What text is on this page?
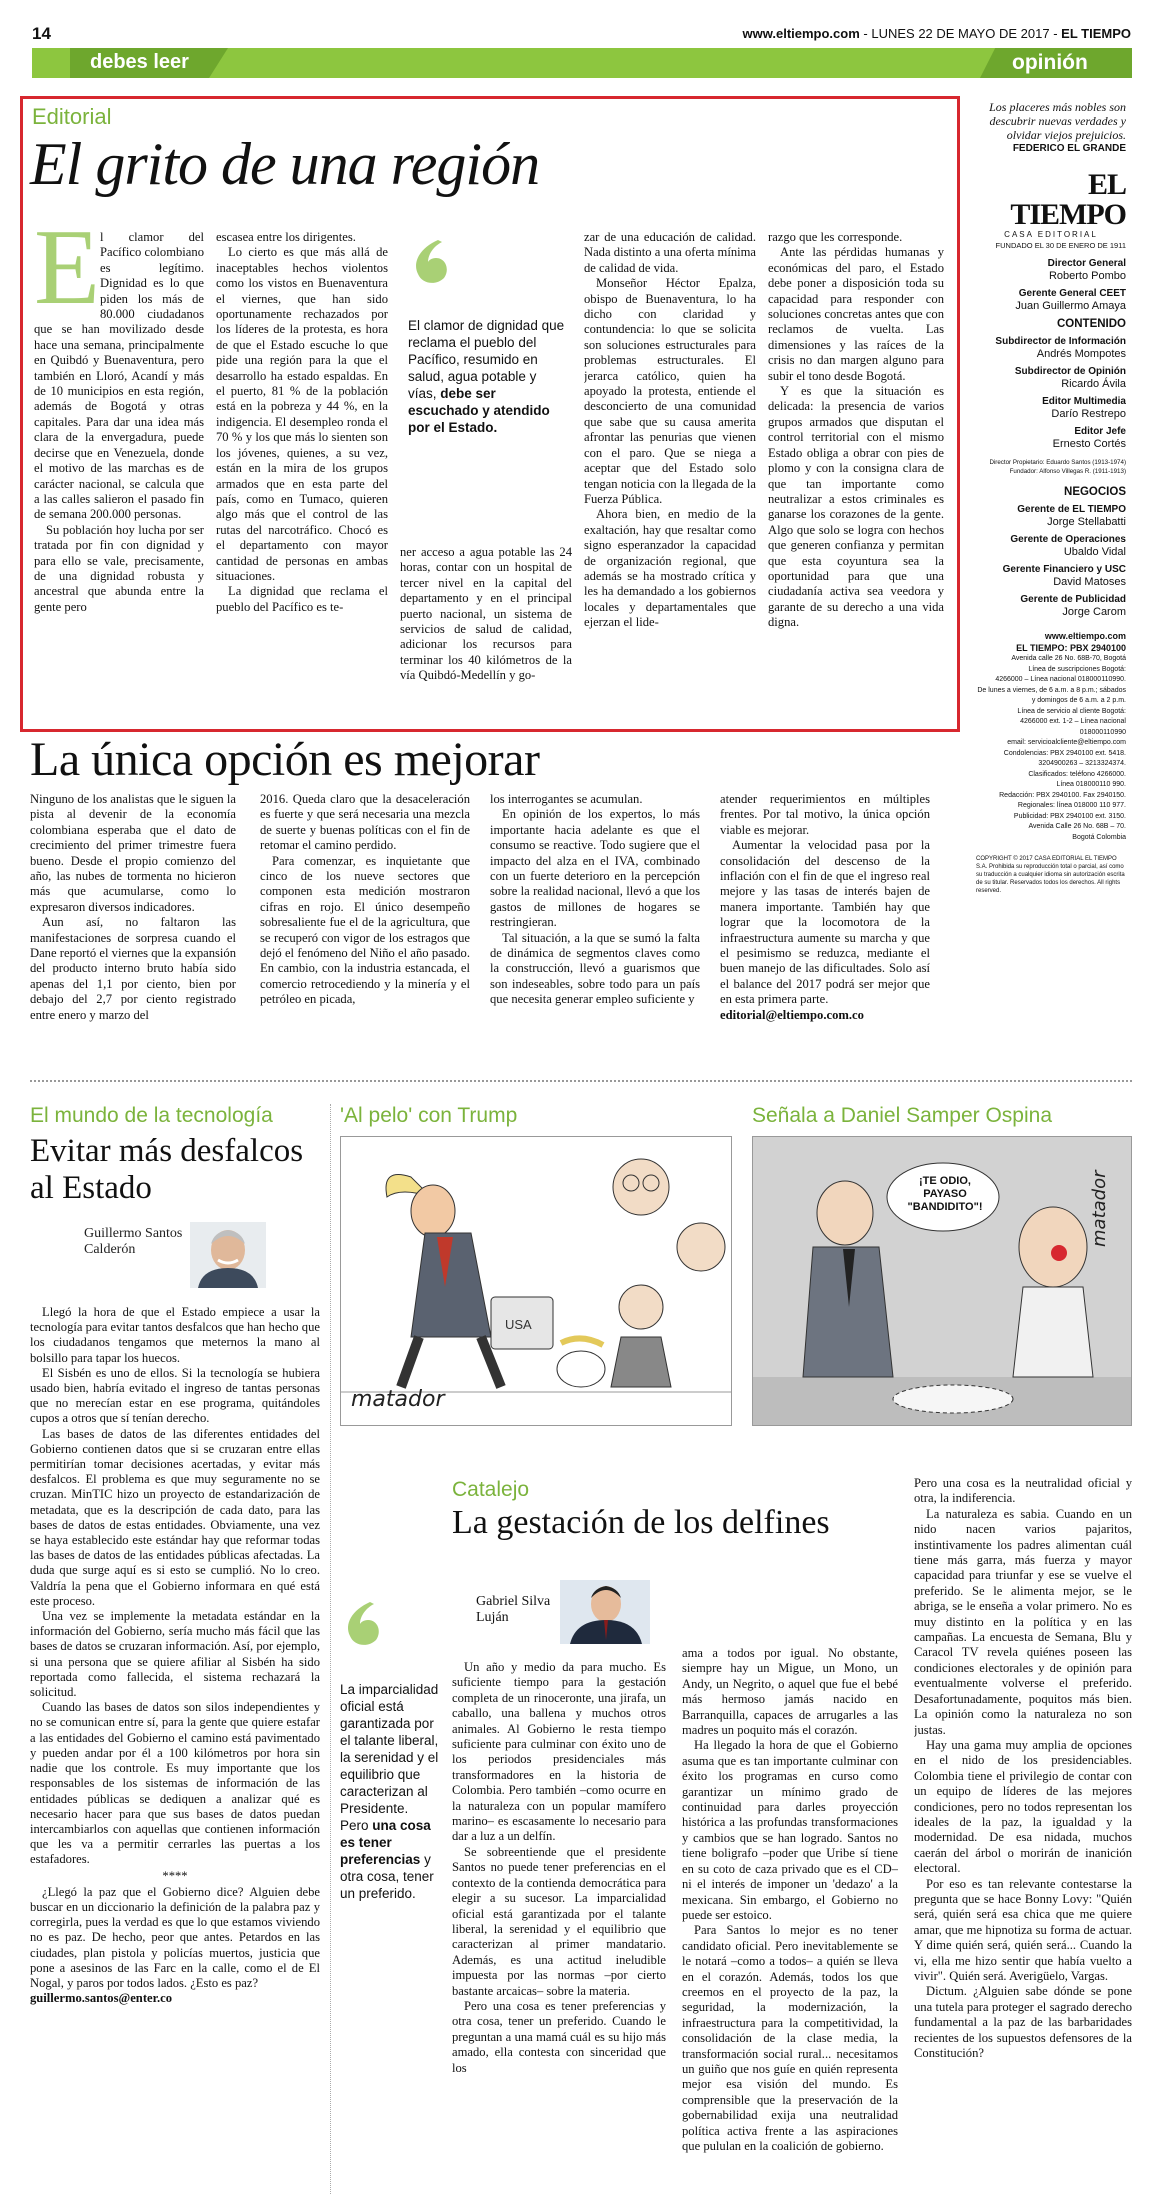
14	www.eltiempo.com - LUNES 22 DE MAYO DE 2017 - EL TIEMPO
debes leer	opinión
Editorial
El grito de una región
E l clamor del Pacífico colombiano es legítimo. Dignidad es lo que piden los más de 80.000 ciudadanos que se han movilizado desde hace una semana, principalmente en Quibdó y Buenaventura, pero también en Lloró, Acandí y más de 10 municipios en esta región, además de Bogotá y otras capitales. Para dar una idea más clara de la envergadura, puede decirse que en Venezuela, donde el motivo de las marchas es de carácter nacional, se calcula que a las calles salieron el pasado fin de semana 200.000 personas.

Su población hoy lucha por ser tratada por fin con dignidad y para ello se vale, precisamente, de una dignidad robusta y ancestral que abunda entre la gente pero

escasea entre los dirigentes.

Lo cierto es que más allá de inaceptables hechos violentos como los vistos en Buenaventura el viernes, que han sido oportunamente rechazados por los líderes de la protesta, es hora de que el Estado escuche lo que pide una región para la que el desarrollo ha estado espaldas. En el puerto, 81 % de la población está en la pobreza y 44 %, en la indigencia. El desempleo ronda el 70 % y los que más lo sienten son los jóvenes, quienes, a su vez, están en la mira de los grupos armados que en esta parte del país, como en Tumaco, quieren algo más que el control de las rutas del narcotráfico. Chocó es el departamento con mayor cantidad de personas en ambas situaciones.

La dignidad que reclama el pueblo del Pacífico es te-

El clamor de dignidad que reclama el pueblo del Pacífico, resumido en salud, agua potable y vías, debe ser escuchado y atendido por el Estado.

ner acceso a agua potable las 24 horas, contar con un hospital de tercer nivel en la capital del departamento y en el principal puerto nacional, un sistema de servicios de salud de calidad, adicionar los recursos para terminar los 40 kilómetros de la vía Quibdó-Medellín y go-

zar de una educación de calidad. Nada distinto a una oferta mínima de calidad de vida.

Monseñor Héctor Epalza, obispo de Buenaventura, lo ha dicho con claridad y contundencia: lo que se solicita son soluciones estructurales para problemas estructurales. El jerarca católico, quien ha apoyado la protesta, entiende el desconcierto de una comunidad que sabe que su causa amerita afrontar las penurias que vienen con el paro. Que se niega a aceptar que del Estado solo tengan noticia con la llegada de la Fuerza Pública.

Ahora bien, en medio de la exaltación, hay que resaltar como signo esperanzador la capacidad de organización regional, que además se ha mostrado crítica y les ha demandado a los gobiernos locales y departamentales que ejerzan el lide-

razgo que les corresponde.

Ante las pérdidas humanas y económicas del paro, el Estado debe poner a disposición toda su capacidad para responder con soluciones concretas antes que con reclamos de vuelta. Las dimensiones y las raíces de la crisis no dan margen alguno para subir el tono desde Bogotá.

Y es que la situación es delicada: la presencia de varios grupos armados que disputan el control territorial con el mismo Estado obliga a obrar con pies de plomo y con la consigna clara de que tan importante como neutralizar a estos criminales es ganarse los corazones de la gente. Algo que solo se logra con hechos que generen confianza y permitan que esta coyuntura sea la oportunidad para que una ciudadanía activa sea veedora y garante de su derecho a una vida digna.

Los placeres más nobles son descubrir nuevas verdades y olvidar viejos prejuicios.
FEDERICO EL GRANDE
EL TIEMPO
CASA EDITORIAL
FUNDADO EL 30 DE ENERO DE 1911
Director General
Roberto Pombo
Gerente General CEET
Juan Guillermo Amaya
CONTENIDO
Subdirector de Información
Andrés Mompotes
Subdirector de Opinión
Ricardo Ávila
Editor Multimedia
Darío Restrepo
Editor Jefe
Ernesto Cortés
Director Propietario: Eduardo Santos (1913-1974)
Fundador: Alfonso Villegas R. (1911-1913)
NEGOCIOS
Gerente de EL TIEMPO
Jorge Stellabatti
Gerente de Operaciones
Ubaldo Vidal
Gerente Financiero y USC
David Matoses
Gerente de Publicidad
Jorge Carom
www.eltiempo.com
EL TIEMPO: PBX 2940100
Avenida calle 26 No. 68B-70, Bogotá
Línea de suscripciones Bogotá:
4266000 – Línea nacional 018000110990.
De lunes a viernes, de 6 a.m. a 8 p.m.; sábados
y domingos de 6 a.m. a 2 p.m.
Línea de servicio al cliente Bogotá:
4266000 ext. 1-2 – Línea nacional 018000110990
email: servicioalcliente@eltiempo.com
Condolencias: PBX 2940100 ext. 5418.
3204900263 – 3213324374.
Clasificados: teléfono 4266000.
Línea 018000110 990.
Redacción: PBX 2940100. Fax 2940150.
Regionales: línea 018000 110 977.
Publicidad: PBX 2940100 ext. 3150.
Avenida Calle 26 No. 68B – 70.
Bogotá Colombia
COPYRIGHT © 2017 CASA EDITORIAL EL TIEMPO S.A. Prohibida su reproducción total o parcial, así como su traducción a cualquier idioma sin autorización escrita de su titular. Reservados todos los derechos. All rights reserved.
La única opción es mejorar

Ninguno de los analistas que le siguen la pista al devenir de la economía colombiana esperaba que el dato de crecimiento del primer trimestre fuera bueno. Desde el propio comienzo del año, las nubes de tormenta no hicieron más que acumularse, como lo expresaron diversos indicadores.

Aun así, no faltaron las manifestaciones de sorpresa cuando el Dane reportó el viernes que la expansión del producto interno bruto había sido apenas del 1,1 por ciento, bien por debajo del 2,7 por ciento registrado entre enero y marzo del

2016. Queda claro que la desaceleración es fuerte y que será necesaria una mezcla de suerte y buenas políticas con el fin de retomar el camino perdido.

Para comenzar, es inquietante que cinco de los nueve sectores que componen esta medición mostraron cifras en rojo. El único desempeño sobresaliente fue el de la agricultura, que se recuperó con vigor de los estragos que dejó el fenómeno del Niño el año pasado. En cambio, con la industria estancada, el comercio retrocediendo y la minería y el petróleo en picada,

los interrogantes se acumulan.

En opinión de los expertos, lo más importante hacia adelante es que el consumo se reactive. Todo sugiere que el impacto del alza en el IVA, combinado con un fuerte deterioro en la percepción sobre la realidad nacional, llevó a que los gastos de millones de hogares se restringieran.

Tal situación, a la que se sumó la falta de dinámica de segmentos claves como la construcción, llevó a guarismos que son indeseables, sobre todo para un país que necesita generar empleo suficiente y

atender requerimientos en múltiples frentes. Por tal motivo, la única opción viable es mejorar.

Aumentar la velocidad pasa por la consolidación del descenso de la inflación con el fin de que el ingreso real mejore y las tasas de interés bajen de manera importante. También hay que lograr que la locomotora de la infraestructura aumente su marcha y que el pesimismo se reduzca, mediante el buen manejo de las dificultades. Solo así el balance del 2017 podrá ser mejor que en esta primera parte.

editorial@eltiempo.com.co
El mundo de la tecnología
Evitar más desfalcos al Estado
Guillermo Santos Calderón

Llegó la hora de que el Estado empiece a usar la tecnología para evitar tantos desfalcos que han hecho que los ciudadanos tengamos que meternos la mano al bolsillo para tapar los huecos.

El Sisbén es uno de ellos. Si la tecnología se hubiera usado bien, habría evitado el ingreso de tantas personas que no merecían estar en ese programa, quitándoles cupos a otros que sí tenían derecho.

Las bases de datos de las diferentes entidades del Gobierno contienen datos que si se cruzaran entre ellas permitirían tomar decisiones acertadas, y evitar más desfalcos. El problema es que muy seguramente no se cruzan. MinTIC hizo un proyecto de estandarización de metadata, que es la descripción de cada dato, para las bases de datos de estas entidades. Obviamente, una vez se haya establecido este estándar hay que reformar todas las bases de datos de las entidades públicas afectadas. La duda que surge aquí es si esto se cumplió. No lo creo. Valdría la pena que el Gobierno informara en qué está este proceso.

Una vez se implemente la metadata estándar en la información del Gobierno, sería mucho más fácil que las bases de datos se cruzaran información. Así, por ejemplo, si una persona que se quiere afiliar al Sisbén ha sido reportada como fallecida, el sistema rechazará la solicitud.

Cuando las bases de datos son silos independientes y no se comunican entre sí, para la gente que quiere estafar a las entidades del Gobierno el camino está pavimentado y pueden andar por él a 100 kilómetros por hora sin nadie que los controle. Es muy importante que los responsables de los sistemas de información de las entidades públicas se dediquen a analizar qué es necesario hacer para que sus bases de datos puedan intercambiarlos con aquellas que contienen información que les va a permitir cerrarles las puertas a los estafadores.

****

¿Llegó la paz que el Gobierno dice? Alguien debe buscar en un diccionario la definición de la palabra paz y corregirla, pues la verdad es que lo que estamos viviendo no es paz. De hecho, peor que antes. Petardos en las ciudades, plan pistola y policías muertos, justicia que pone a asesinos de las Farc en la calle, como el de El Nogal, y paros por todos lados. ¿Esto es paz?

guillermo.santos@enter.co
'Al pelo' con Trump
USA
matador
Señala a Daniel Samper Ospina
¡TE ODIO, PAYASO "BANDIDITO"!	matador
Catalejo
La gestación de los delfines
Gabriel Silva Luján
La imparcialidad oficial está garantizada por el talante liberal, la serenidad y el equilibrio que caracterizan al Presidente. Pero una cosa es tener preferencias y otra cosa, tener un preferido.

Un año y medio da para mucho. Es suficiente tiempo para la gestación completa de un rinoceronte, una jirafa, un caballo, una ballena y muchos otros animales. Al Gobierno le resta tiempo suficiente para culminar con éxito uno de los periodos presidenciales más transformadores en la historia de Colombia. Pero también –como ocurre en la naturaleza con un popular mamífero marino– es escasamente lo necesario para dar a luz a un delfín.

Se sobreentiende que el presidente Santos no puede tener preferencias en el contexto de la contienda democrática para elegir a su sucesor. La imparcialidad oficial está garantizada por el talante liberal, la serenidad y el equilibrio que caracterizan al primer mandatario. Además, es una actitud ineludible impuesta por las normas –por cierto bastante arcaicas– sobre la materia.

Pero una cosa es tener preferencias y otra cosa, tener un preferido. Cuando le preguntan a una mamá cuál es su hijo más amado, ella contesta con sinceridad que los

ama a todos por igual. No obstante, siempre hay un Migue, un Mono, un Andy, un Negrito, o aquel que fue el bebé más hermoso jamás nacido en Barranquilla, capaces de arrugarles a las madres un poquito más el corazón.

Ha llegado la hora de que el Gobierno asuma que es tan importante culminar con éxito los programas en curso como garantizar un mínimo grado de continuidad para darles proyección histórica a las profundas transformaciones y cambios que se han logrado. Santos no tiene boligrafo –poder que Uribe sí tiene en su coto de caza privado que es el CD– ni el interés de imponer un 'dedazo' a la mexicana. Sin embargo, el Gobierno no puede ser estoico.

Para Santos lo mejor es no tener candidato oficial. Pero inevitablemente se le notará –como a todos– a quién se lleva en el corazón. Además, todos los que creemos en el proyecto de la paz, la seguridad, la modernización, la infraestructura para la competitividad, la consolidación de la clase media, la transformación social rural... necesitamos un guiño que nos guíe en quién representa mejor esa visión del mundo. Es comprensible que la preservación de la gobernabilidad exija una neutralidad política activa frente a las aspiraciones que pululan en la coalición de gobierno.

Pero una cosa es la neutralidad oficial y otra, la indiferencia.

La naturaleza es sabia. Cuando en un nido nacen varios pajaritos, instintivamente los padres alimentan cuál tiene más garra, más fuerza y mayor capacidad para triunfar y ese se vuelve el preferido. Se le alimenta mejor, se le abriga, se le enseña a volar primero. No es muy distinto en la política y en las campañas. La encuesta de Semana, Blu y Caracol TV revela quiénes poseen las condiciones electorales y de opinión para eventualmente volverse el preferido. Desafortunadamente, poquitos más bien. La opinión como la naturaleza no son justas.

Hay una gama muy amplia de opciones en el nido de los presidenciables. Colombia tiene el privilegio de contar con un equipo de líderes de las mejores condiciones, pero no todos representan los ideales de la paz, la igualdad y la modernidad. De esa nidada, muchos caerán del árbol o morirán de inanición electoral.

Por eso es tan relevante contestarse la pregunta que se hace Bonny Lovy: "Quién será, quién será esa chica que me quiere amar, que me hipnotiza su forma de actuar. Y dime quién será, quién será... Cuando la vi, ella me hizo sentir que había vuelto a vivir". Quién será. Averigüelo, Vargas.

Dictum. ¿Alguien sabe dónde se pone una tutela para proteger el sagrado derecho fundamental a la paz de las barbaridades recientes de los supuestos defensores de la Constitución?
